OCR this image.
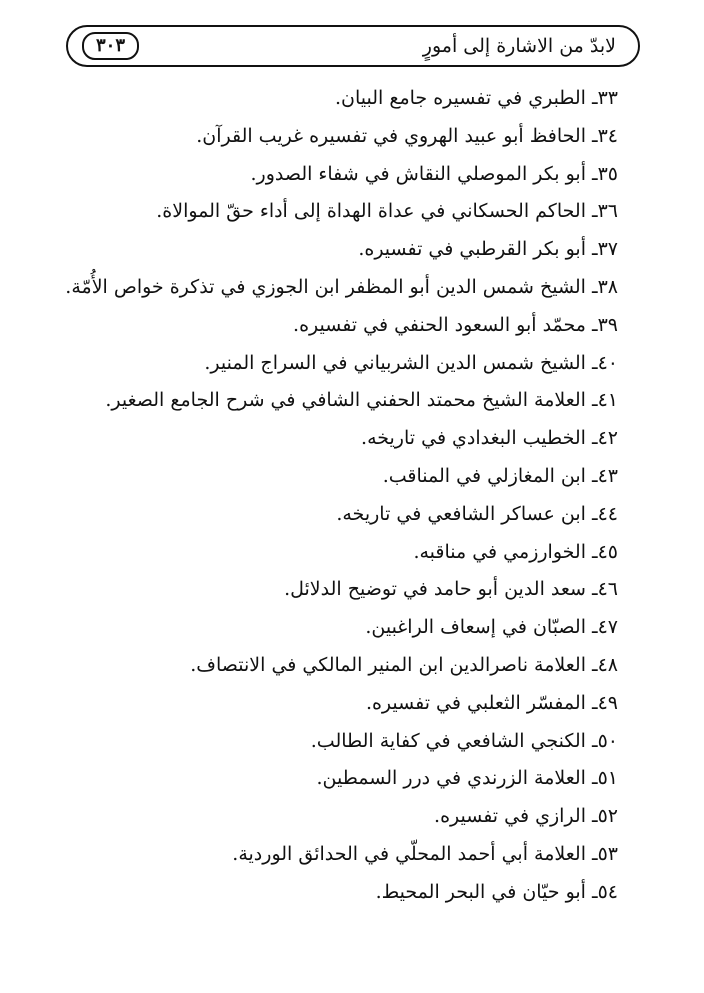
لابدّ من الاشارة إلى أمورٍ
٣٠٣
٣٣ـ الطبري في تفسيره جامع البيان.
٣٤ـ الحافظ أبو عبيد الهروي في تفسيره غريب القرآن.
٣٥ـ أبو بكر الموصلي النقاش في شفاء الصدور.
٣٦ـ الحاكم الحسكاني في عداة الهداة إلى أداء حقّ الموالاة.
٣٧ـ أبو بكر القرطبي في تفسيره.
٣٨ـ الشيخ شمس الدين أبو المظفر ابن الجوزي في تذكرة خواص الأُمّة.
٣٩ـ محمّد أبو السعود الحنفي في تفسيره.
٤٠ـ الشيخ شمس الدين الشربياني في السراج المنير.
٤١ـ العلامة الشيخ محمتد الحفني الشافي في شرح الجامع الصغير.
٤٢ـ الخطيب البغدادي في تاريخه.
٤٣ـ ابن المغازلي في المناقب.
٤٤ـ ابن عساكر الشافعي في تاريخه.
٤٥ـ الخوارزمي في مناقبه.
٤٦ـ سعد الدين أبو حامد في توضيح الدلائل.
٤٧ـ الصبّان في إسعاف الراغبين.
٤٨ـ العلامة ناصرالدين ابن المنير المالكي في الانتصاف.
٤٩ـ المفسّر الثعلبي في تفسيره.
٥٠ـ الكنجي الشافعي في كفاية الطالب.
٥١ـ العلامة الزرندي في درر السمطين.
٥٢ـ الرازي في تفسيره.
٥٣ـ العلامة أبي أحمد المحلّي في الحدائق الوردية.
٥٤ـ أبو حيّان في البحر المحيط.
